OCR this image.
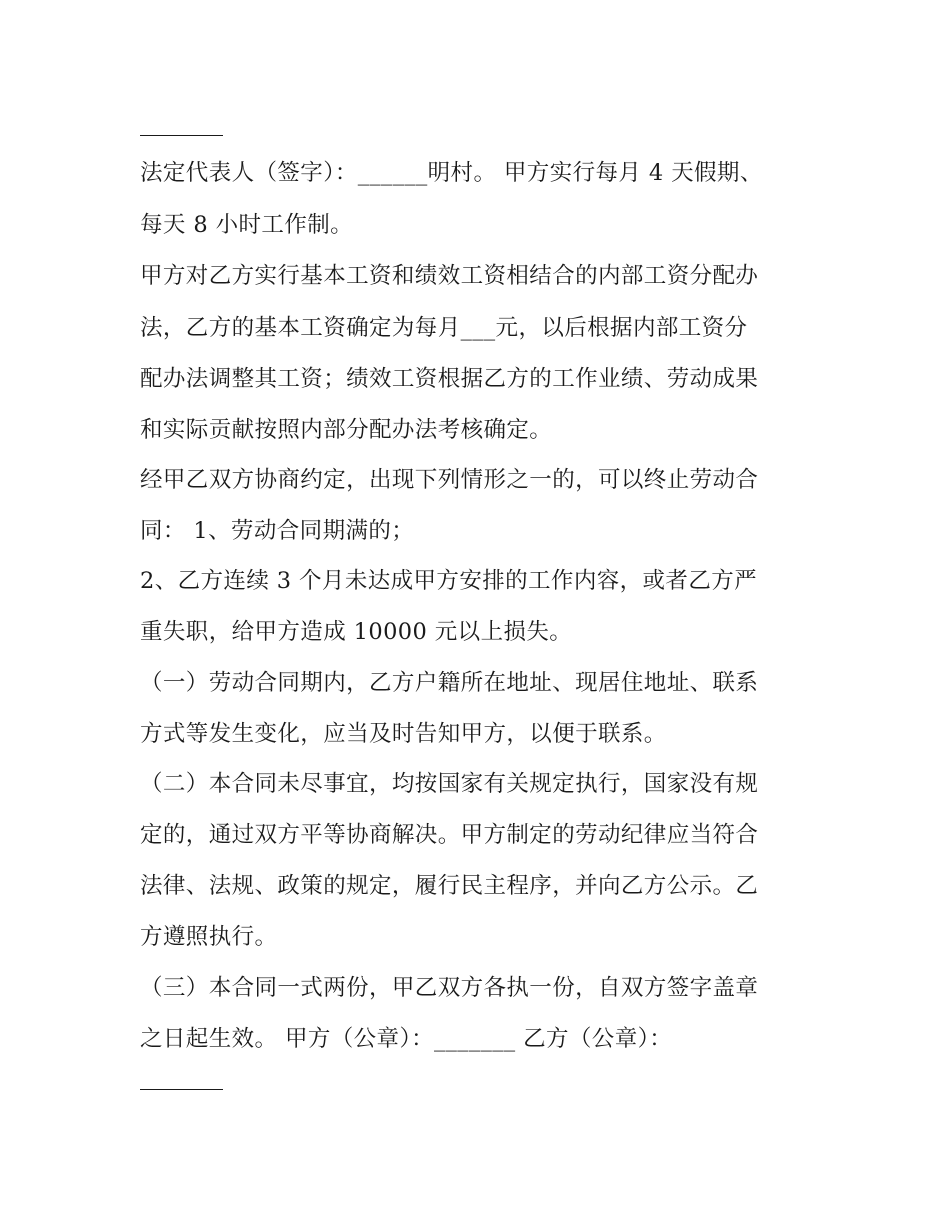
法定代表人（签字）：______明村。 甲方实行每月 4 天假期、
每天 8 小时工作制。
甲方对乙方实行基本工资和绩效工资相结合的内部工资分配办
法，乙方的基本工资确定为每月___元，以后根据内部工资分
配办法调整其工资；绩效工资根据乙方的工作业绩、劳动成果
和实际贡献按照内部分配办法考核确定。
经甲乙双方协商约定，出现下列情形之一的，可以终止劳动合
同： 1、劳动合同期满的；
2、乙方连续 3 个月未达成甲方安排的工作内容，或者乙方严
重失职，给甲方造成 10000 元以上损失。
（一）劳动合同期内，乙方户籍所在地址、现居住地址、联系
方式等发生变化，应当及时告知甲方，以便于联系。
（二）本合同未尽事宜，均按国家有关规定执行，国家没有规
定的，通过双方平等协商解决。甲方制定的劳动纪律应当符合
法律、法规、政策的规定，履行民主程序，并向乙方公示。乙
方遵照执行。
（三）本合同一式两份，甲乙双方各执一份，自双方签字盖章
之日起生效。 甲方（公章）：_______ 乙方（公章）：
